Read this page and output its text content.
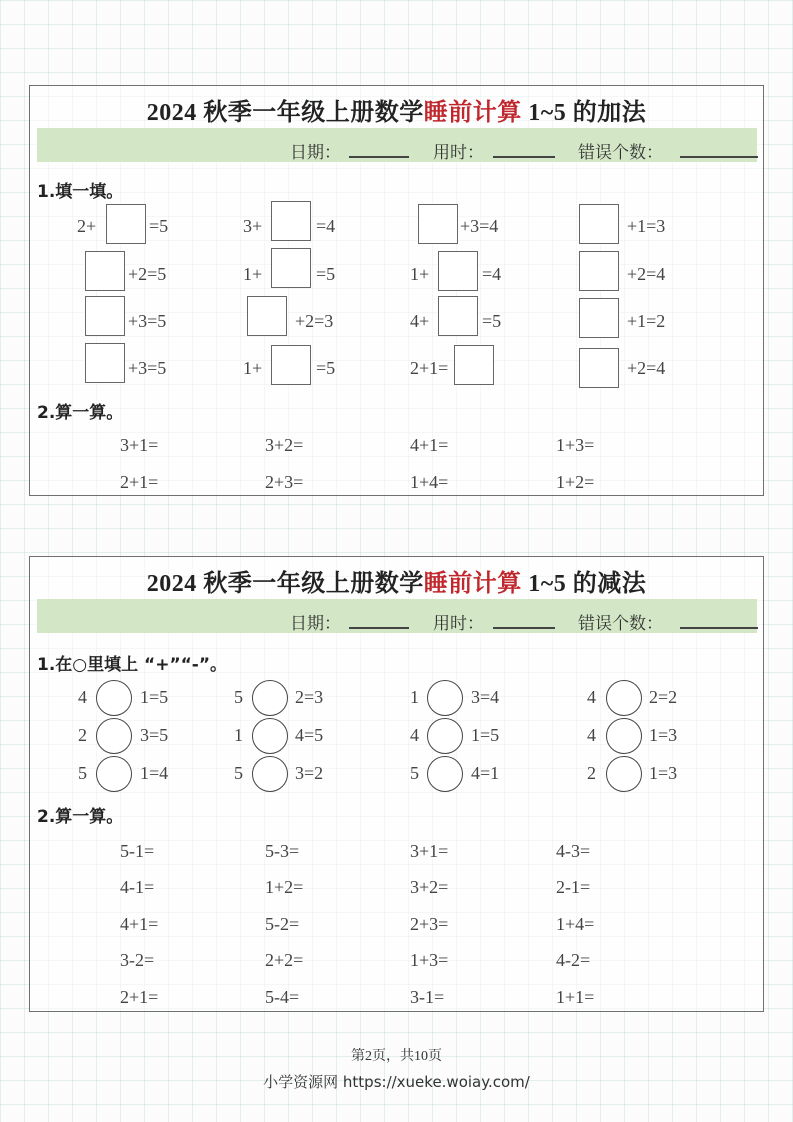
2024 秋季一年级上册数学睡前计算 1~5 的加法
日期：	用时：	错误个数：
1.填一填。
2+	=5	3+	=4	+3=4	+1=3
+2=5	1+	=5	1+	=4	+2=4
+3=5	+2=3	4+	=5	+1=2
+3=5	1+	=5	2+1=	+2=4
2.算一算。
3+1=	3+2=	4+1=	1+3=
2+1=	2+3=	1+4=	1+2=
2024 秋季一年级上册数学睡前计算 1~5 的减法
日期：	用时：	错误个数：
1.在○里填上 “+”“-”。
4	1=5	5	2=3	1	3=4	4	2=2
2	3=5	1	4=5	4	1=5	4	1=3
5	1=4	5	3=2	5	4=1	2	1=3
2.算一算。
5-1=	5-3=	3+1=	4-3=
4-1=	1+2=	3+2=	2-1=
4+1=	5-2=	2+3=	1+4=
3-2=	2+2=	1+3=	4-2=
2+1=	5-4=	3-1=	1+1=
第2页，共10页
小学资源网 https://xueke.woiay.com/
